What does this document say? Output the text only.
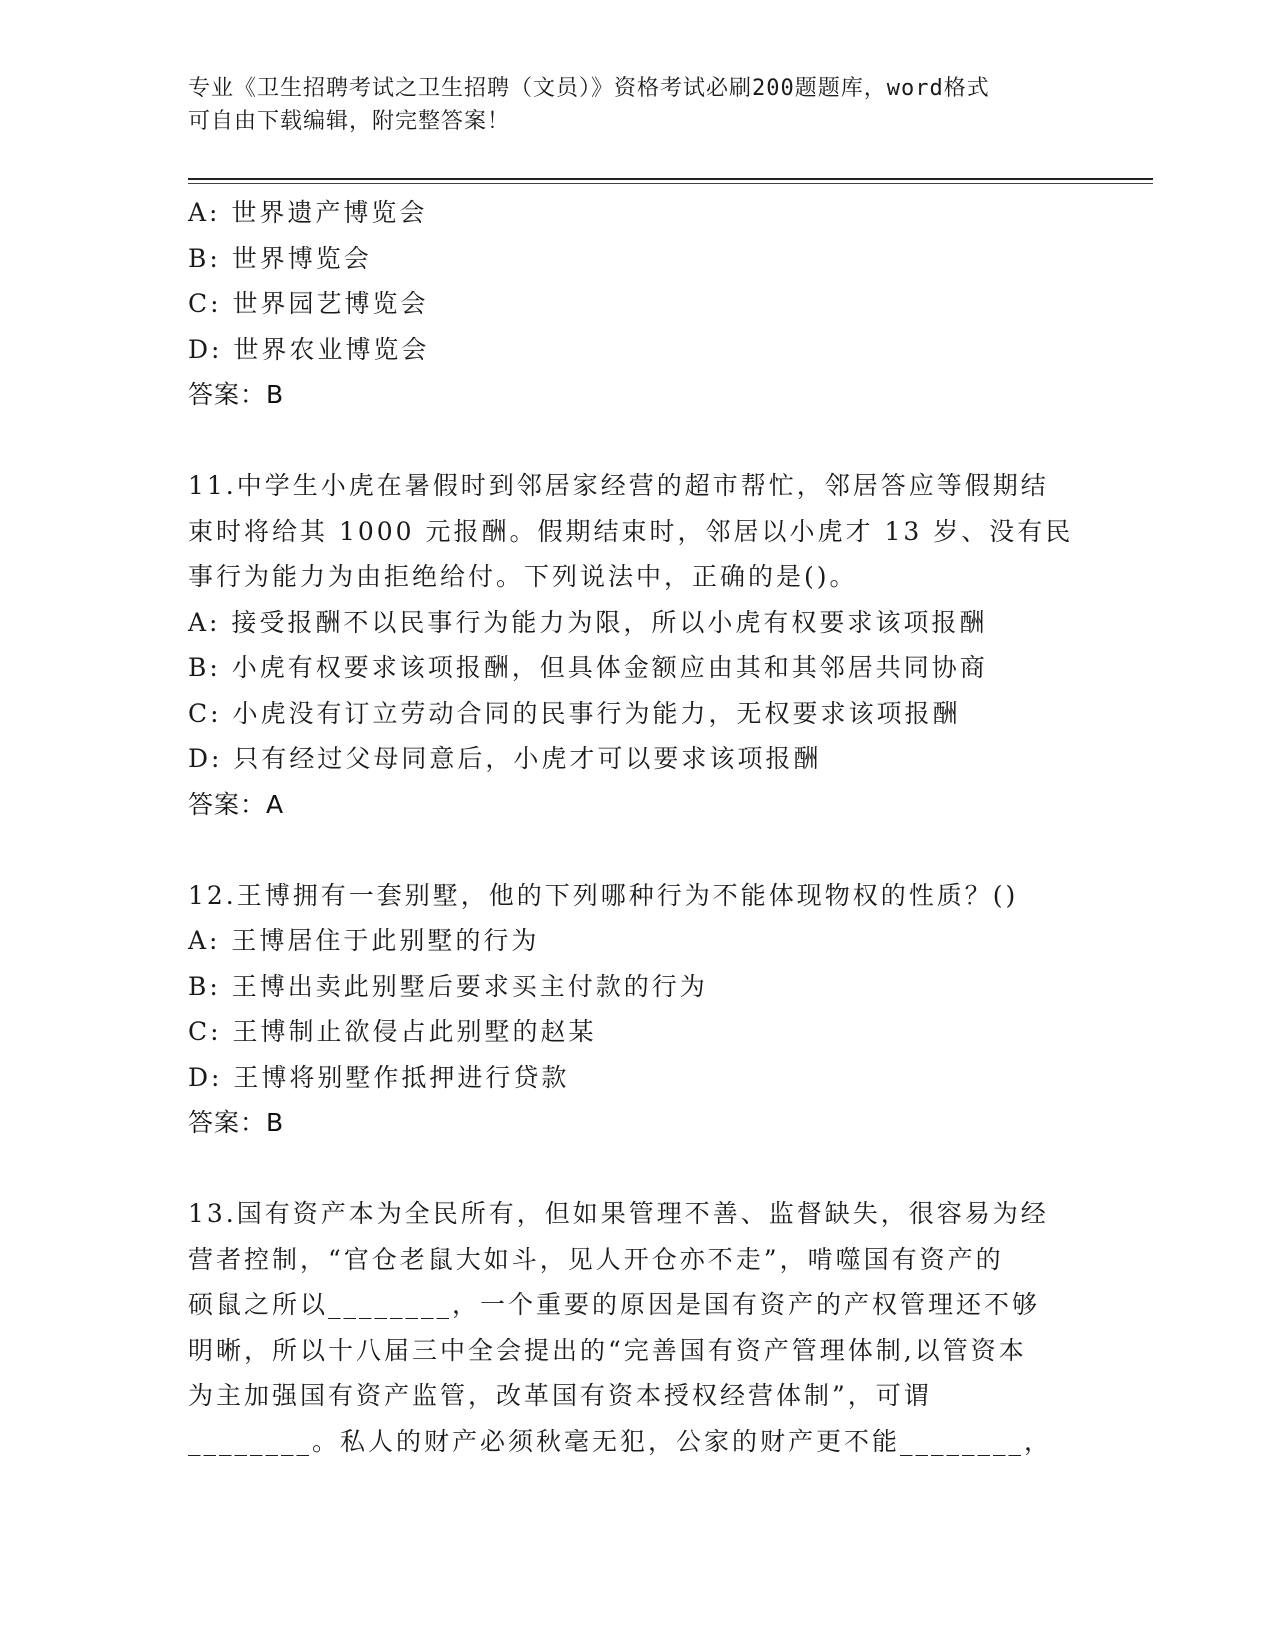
专业《卫生招聘考试之卫生招聘（文员）》资格考试必刷200题题库，word格式
可自由下载编辑，附完整答案！
A: 世界遗产博览会
B: 世界博览会
C: 世界园艺博览会
D: 世界农业博览会
答案：B
11.中学生小虎在暑假时到邻居家经营的超市帮忙，邻居答应等假期结
束时将给其 1000 元报酬。假期结束时，邻居以小虎才 13 岁、没有民
事行为能力为由拒绝给付。下列说法中，正确的是()。
A: 接受报酬不以民事行为能力为限，所以小虎有权要求该项报酬
B: 小虎有权要求该项报酬，但具体金额应由其和其邻居共同协商
C: 小虎没有订立劳动合同的民事行为能力，无权要求该项报酬
D: 只有经过父母同意后，小虎才可以要求该项报酬
答案：A
12.王博拥有一套别墅，他的下列哪种行为不能体现物权的性质？()
A: 王博居住于此别墅的行为
B: 王博出卖此别墅后要求买主付款的行为
C: 王博制止欲侵占此别墅的赵某
D: 王博将别墅作抵押进行贷款
答案：B
13.国有资产本为全民所有，但如果管理不善、监督缺失，很容易为经
营者控制，“官仓老鼠大如斗，见人开仓亦不走”，啃噬国有资产的
硕鼠之所以________，一个重要的原因是国有资产的产权管理还不够
明晰，所以十八届三中全会提出的“完善国有资产管理体制,以管资本
为主加强国有资产监管，改革国有资本授权经营体制”，可谓
________。私人的财产必须秋毫无犯，公家的财产更不能________，
